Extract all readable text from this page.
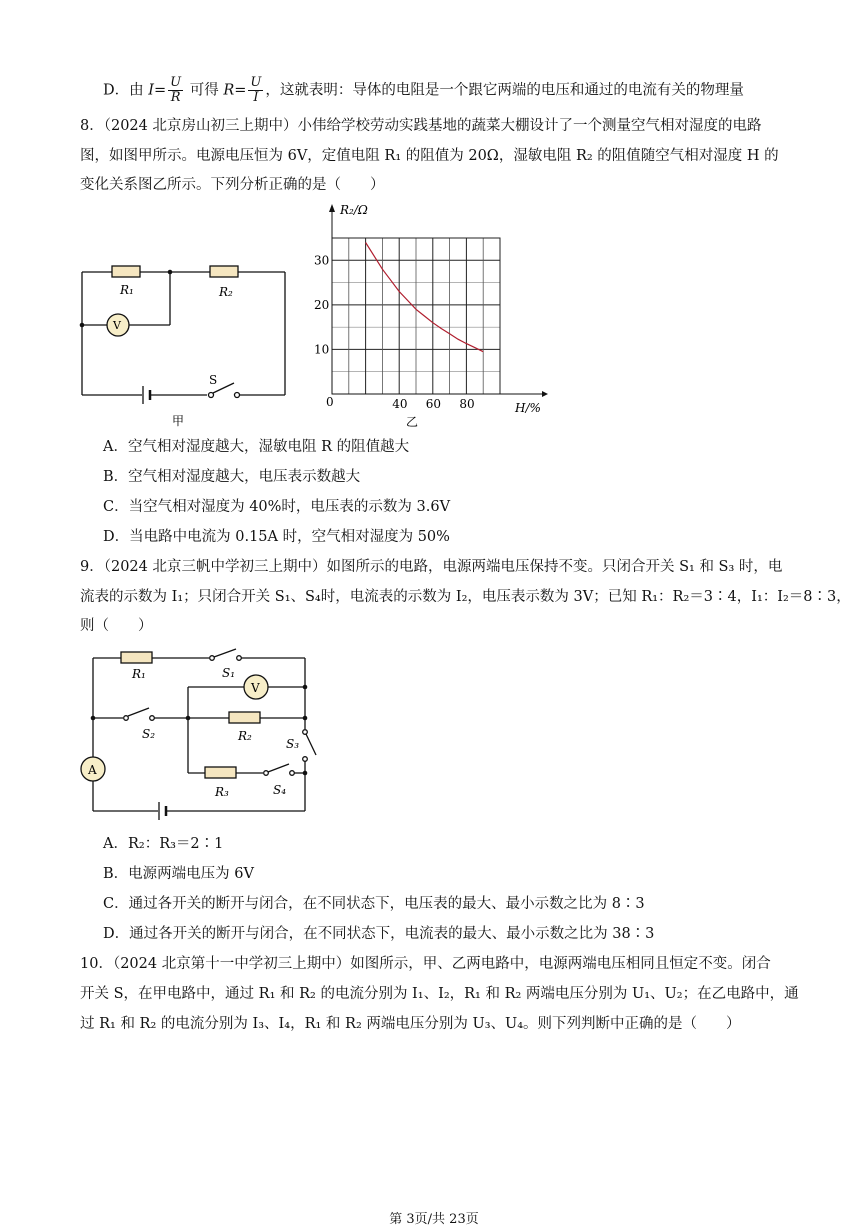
D．由 $I= \frac{U}{R}$ 可得 $R= \frac{U}{I}$ ，这就表明：导体的电阻是一个跟它两端的电压和通过的电流有关的物理量
8．（2024 北京房山初三上期中）小伟给学校劳动实践基地的蔬菜大棚设计了一个测量空气相对湿度的电路
图，如图甲所示。电源电压恒为 6V，定值电阻 R₁ 的阻值为 20Ω，湿敏电阻 R₂ 的阻值随空气相对湿度 H 的
变化关系图乙所示。下列分析正确的是（　　）
R₁	R₂
V
S
甲
40 60 80
10
20
30
R₂/Ω
H/%
0
乙
A．空气相对湿度越大，湿敏电阻 R 的阻值越大
B．空气相对湿度越大，电压表示数越大
C．当空气相对湿度为 40%时，电压表的示数为 3.6V
D．当电路中电流为 0.15A 时，空气相对湿度为 50%
9．（2024 北京三帆中学初三上期中）如图所示的电路，电源两端电压保持不变。只闭合开关 S₁ 和 S₃ 时，电
流表的示数为 I₁；只闭合开关 S₁、S₄时，电流表的示数为 I₂，电压表示数为 3V；已知 R₁：R₂＝3∶4，I₁：I₂＝8∶3，
则（　　）
R₁	S₁
V
S₂	R₂
S₃
A
R₃	S₄
A．R₂：R₃＝2∶1
B．电源两端电压为 6V
C．通过各开关的断开与闭合，在不同状态下，电压表的最大、最小示数之比为 8∶3
D．通过各开关的断开与闭合，在不同状态下，电流表的最大、最小示数之比为 38∶3
10．（2024 北京第十一中学初三上期中）如图所示，甲、乙两电路中，电源两端电压相同且恒定不变。闭合
开关 S，在甲电路中，通过 R₁ 和 R₂ 的电流分别为 I₁、I₂，R₁ 和 R₂ 两端电压分别为 U₁、U₂；在乙电路中，通
过 R₁ 和 R₂ 的电流分别为 I₃、I₄，R₁ 和 R₂ 两端电压分别为 U₃、U₄。则下列判断中正确的是（　　）
第 3页/共 23页
